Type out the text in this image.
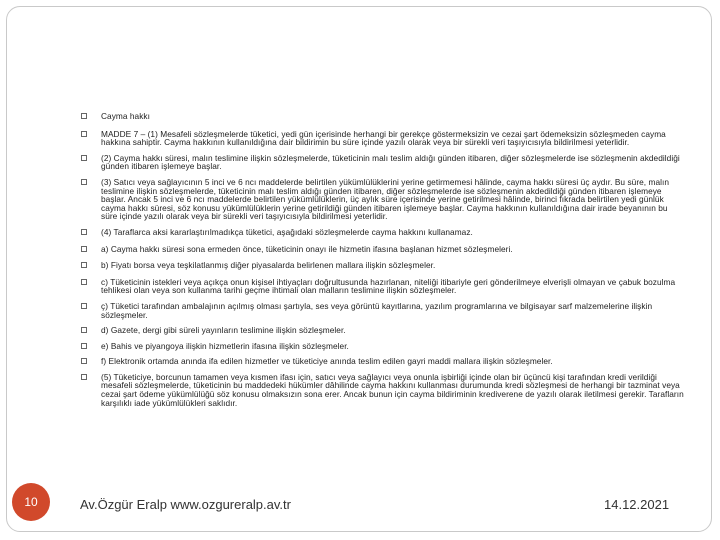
Cayma hakkı
MADDE 7 – (1) Mesafeli sözleşmelerde tüketici, yedi gün içerisinde herhangi bir gerekçe göstermeksizin ve cezai şart ödemeksizin sözleşmeden cayma hakkına sahiptir. Cayma hakkının kullanıldığına dair bildirimin bu süre içinde yazılı olarak veya bir sürekli veri taşıyıcısıyla bildirilmesi yeterlidir.
(2) Cayma hakkı süresi, malın teslimine ilişkin sözleşmelerde, tüketicinin malı teslim aldığı günden itibaren, diğer sözleşmelerde ise sözleşmenin akdedildiği günden itibaren işlemeye başlar.
(3) Satıcı veya sağlayıcının 5 inci ve 6 ncı maddelerde belirtilen yükümlülüklerini yerine getirmemesi hâlinde, cayma hakkı süresi üç aydır. Bu süre, malın teslimine ilişkin sözleşmelerde, tüketicinin malı teslim aldığı günden itibaren, diğer sözleşmelerde ise sözleşmenin akdedildiği günden itibaren işlemeye başlar. Ancak 5 inci ve 6 ncı maddelerde belirtilen yükümlülüklerin, üç aylık süre içerisinde yerine getirilmesi hâlinde, birinci fıkrada belirtilen yedi günlük cayma hakkı süresi, söz konusu yükümlülüklerin yerine getirildiği günden itibaren işlemeye başlar. Cayma hakkının kullanıldığına dair irade beyanının bu süre içinde yazılı olarak veya bir sürekli veri taşıyıcısıyla bildirilmesi yeterlidir.
(4) Taraflarca aksi kararlaştırılmadıkça tüketici, aşağıdaki sözleşmelerde cayma hakkını kullanamaz.
a) Cayma hakkı süresi sona ermeden önce, tüketicinin onayı ile hizmetin ifasına başlanan hizmet sözleşmeleri.
b) Fiyatı borsa veya teşkilatlanmış diğer piyasalarda belirlenen mallara ilişkin sözleşmeler.
c) Tüketicinin istekleri veya açıkça onun kişisel ihtiyaçları doğrultusunda hazırlanan, niteliği itibariyle geri gönderilmeye elverişli olmayan ve çabuk bozulma tehlikesi olan veya son kullanma tarihi geçme ihtimali olan malların teslimine ilişkin sözleşmeler.
ç) Tüketici tarafından ambalajının açılmış olması şartıyla, ses veya görüntü kayıtlarına, yazılım programlarına ve bilgisayar sarf malzemelerine ilişkin sözleşmeler.
d) Gazete, dergi gibi süreli yayınların teslimine ilişkin sözleşmeler.
e) Bahis ve piyangoya ilişkin hizmetlerin ifasına ilişkin sözleşmeler.
f) Elektronik ortamda anında ifa edilen hizmetler ve tüketiciye anında teslim edilen gayri maddi mallara ilişkin sözleşmeler.
(5) Tüketiciye, borcunun tamamen veya kısmen ifası için, satıcı veya sağlayıcı veya onunla işbirliği içinde olan bir üçüncü kişi tarafından kredi verildiği mesafeli sözleşmelerde, tüketicinin bu maddedeki hükümler dâhilinde cayma hakkını kullanması durumunda kredi sözleşmesi de herhangi bir tazminat veya cezai şart ödeme yükümlülüğü söz konusu olmaksızın sona erer. Ancak bunun için cayma bildiriminin krediverene de yazılı olarak iletilmesi gerekir. Tarafların karşılıklı iade yükümlülükleri saklıdır.
10	Av.Özgür Eralp www.ozgureralp.av.tr	14.12.2021
